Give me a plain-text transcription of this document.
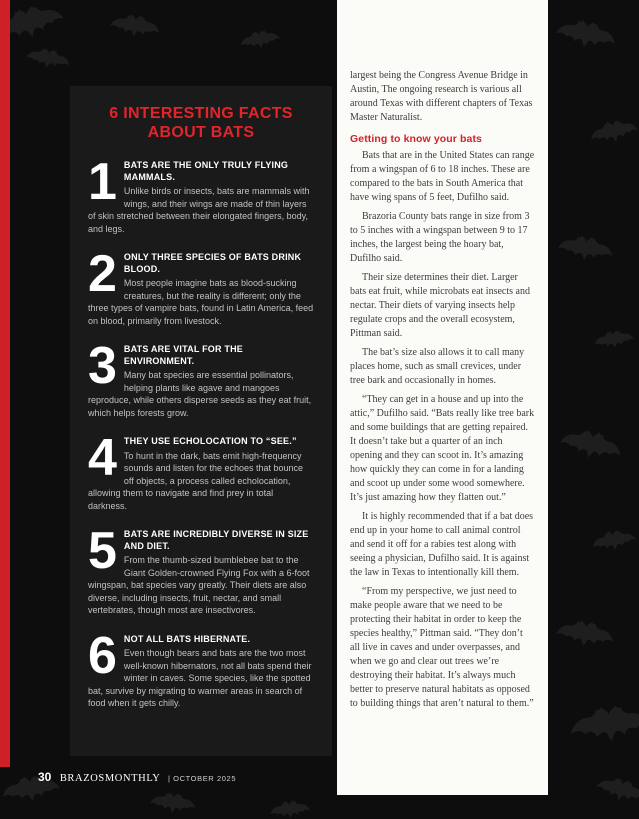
6 INTERESTING FACTS
ABOUT BATS
1 BATS ARE THE ONLY TRULY FLYING MAMMALS.
Unlike birds or insects, bats are mammals with wings, and their wings are made of thin layers of skin stretched between their elongated fingers, body, and legs.
2 ONLY THREE SPECIES OF BATS DRINK BLOOD.
Most people imagine bats as blood-sucking creatures, but the reality is different; only the three types of vampire bats, found in Latin America, feed on blood, primarily from livestock.
3 BATS ARE VITAL FOR THE ENVIRONMENT.
Many bat species are essential pollinators, helping plants like agave and mangoes reproduce, while others disperse seeds as they eat fruit, which helps forests grow.
4 THEY USE ECHOLOCATION TO “SEE.”
To hunt in the dark, bats emit high-frequency sounds and listen for the echoes that bounce off objects, a process called echolocation, allowing them to navigate and find prey in total darkness.
5 BATS ARE INCREDIBLY DIVERSE IN SIZE AND DIET.
From the thumb-sized bumblebee bat to the Giant Golden-crowned Flying Fox with a 6-foot wingspan, bat species vary greatly. Their diets are also diverse, including insects, fruit, nectar, and small vertebrates, though most are insectivores.
6 NOT ALL BATS HIBERNATE.
Even though bears and bats are the two most well-known hibernators, not all bats spend their winter in caves. Some species, like the spotted bat, survive by migrating to warmer areas in search of food when it gets chilly.

largest being the Congress Avenue Bridge in Austin, The ongoing research is various all around Texas with different chapters of Texas Master Naturalist.

Getting to know your bats

Bats that are in the United States can range from a wingspan of 6 to 18 inches. These are compared to the bats in South America that have wing spans of 5 feet, Dufilho said.

Brazoria County bats range in size from 3 to 5 inches with a wingspan between 9 to 17 inches, the largest being the hoary bat, Dufilho said.

Their size determines their diet. Larger bats eat fruit, while microbats eat insects and nectar. Their diets of varying insects help regulate crops and the overall ecosystem, Pittman said.

The bat’s size also allows it to call many places home, such as small crevices, under tree bark and occasionally in homes.

“They can get in a house and up into the attic,” Dufilho said. “Bats really like tree bark and some buildings that are getting repaired. It doesn’t take but a quarter of an inch opening and they can scoot in. It’s amazing how quickly they can come in for a landing and scoot up under some wood somewhere. It’s just amazing how they flatten out.”

It is highly recommended that if a bat does end up in your home to call animal control and send it off for a rabies test along with seeing a physician, Dufilho said. It is against the law in Texas to intentionally kill them.

“From my perspective, we just need to make people aware that we need to be protecting their habitat in order to keep the species healthy,” Pittman said. “They don’t all live in caves and under overpasses, and when we go and clear out trees we’re destroying their habitat. It’s always much better to preserve natural habitats as opposed to building things that aren’t natural to them.”

30 BRAZOSMONTHLY | OCTOBER 2025
